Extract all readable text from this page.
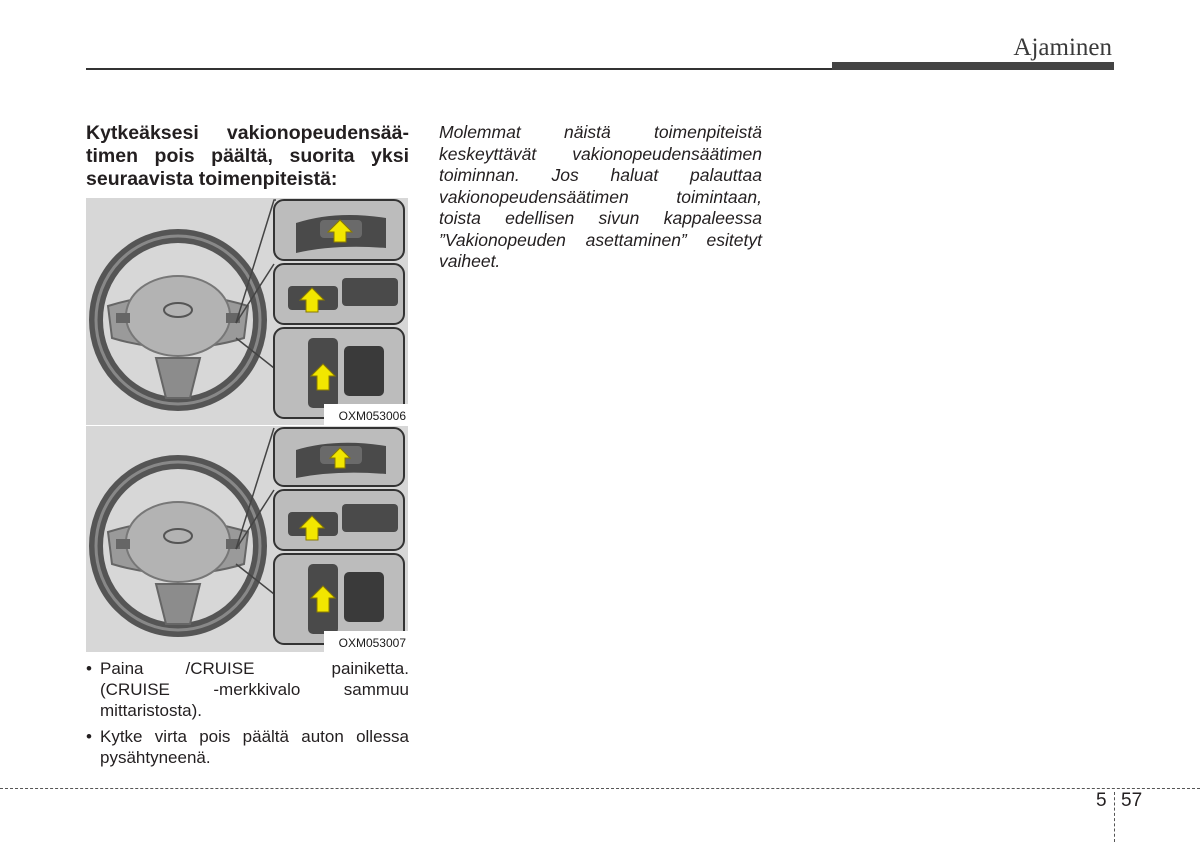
Ajaminen

Kytkeäksesi vakionopeudensäätimen pois päältä, suorita yksi seuraavista toimenpiteistä:

OXM053006
OXM053007
• Paina /CRUISE painiketta. (CRUISE -merkkivalo sammuu mittaristosta).
• Kytke virta pois päältä auton ollessa pysähtyneenä.

Molemmat näistä toimenpiteistä keskeyttävät vakionopeudensäätimen toiminnan. Jos haluat palauttaa vakionopeudensäätimen toimintaan, toista edellisen sivun kappaleessa ”Vakionopeuden asettaminen” esitetyt vaiheet.

5 57
